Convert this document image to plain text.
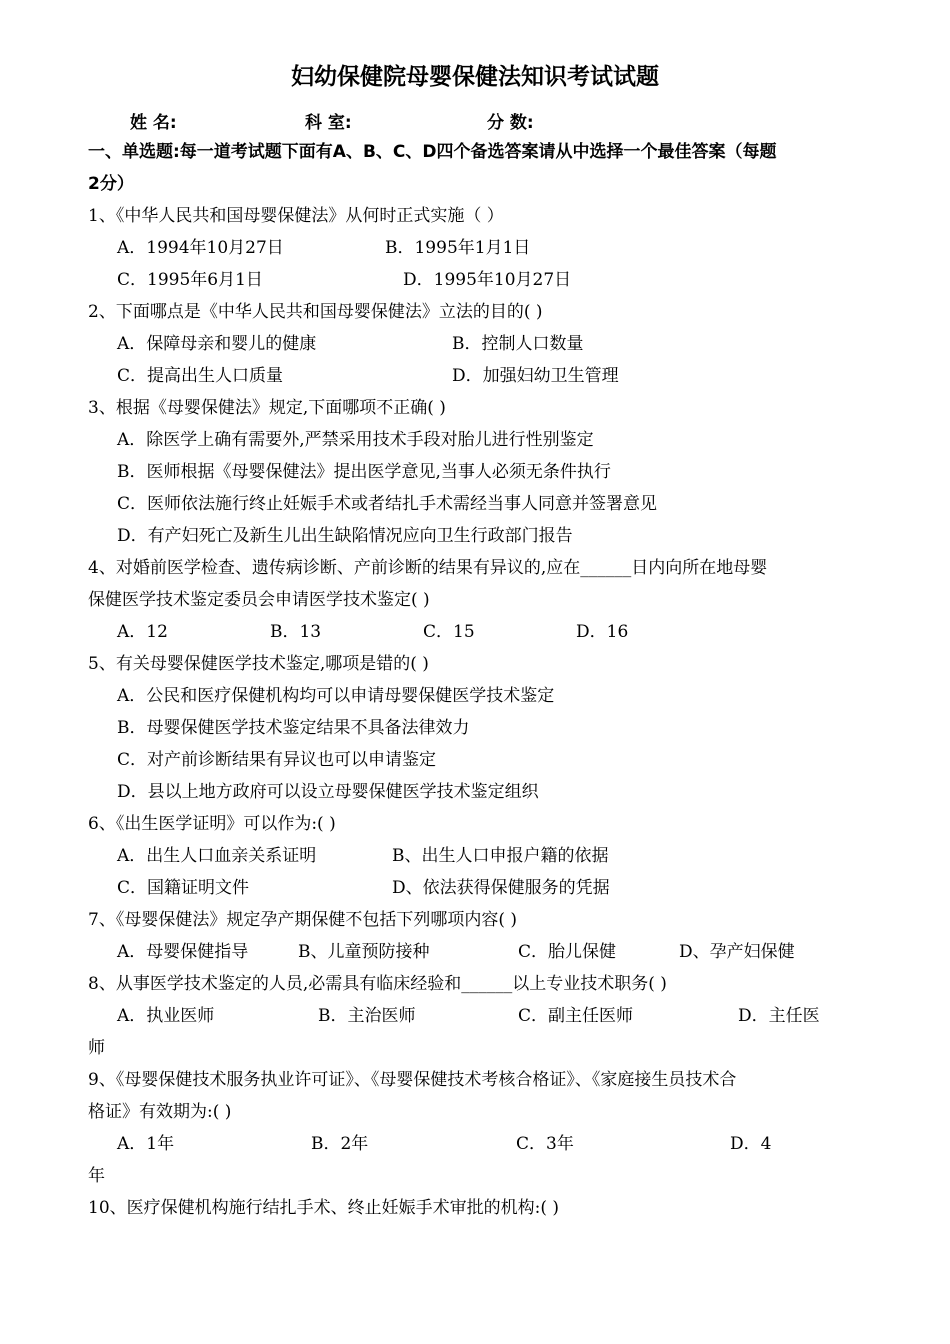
妇幼保健院母婴保健法知识考试试题
姓 名:	科 室:	分 数:
一、单选题:每一道考试题下面有A、B、C、D四个备选答案请从中选择一个最佳答案（每题
2分）
1、《中华人民共和国母婴保健法》从何时正式实施（ ）
A．1994年10月27日	B．1995年1月1日
C．1995年6月1日	D．1995年10月27日
2、下面哪点是《中华人民共和国母婴保健法》立法的目的( )
A．保障母亲和婴儿的健康	B．控制人口数量
C．提高出生人口质量	D．加强妇幼卫生管理
3、根据《母婴保健法》规定,下面哪项不正确( )
A．除医学上确有需要外,严禁采用技术手段对胎儿进行性别鉴定
B．医师根据《母婴保健法》提出医学意见,当事人必须无条件执行
C．医师依法施行终止妊娠手术或者结扎手术需经当事人同意并签署意见
D．有产妇死亡及新生儿出生缺陷情况应向卫生行政部门报告
4、对婚前医学检查、遗传病诊断、产前诊断的结果有异议的,应在______日内向所在地母婴
保健医学技术鉴定委员会申请医学技术鉴定( )
A．12	B．13	C．15	D．16
5、有关母婴保健医学技术鉴定,哪项是错的( )
A．公民和医疗保健机构均可以申请母婴保健医学技术鉴定
B．母婴保健医学技术鉴定结果不具备法律效力
C．对产前诊断结果有异议也可以申请鉴定
D．县以上地方政府可以设立母婴保健医学技术鉴定组织
6、《出生医学证明》可以作为:( )
A．出生人口血亲关系证明	B、出生人口申报户籍的依据
C．国籍证明文件	D、依法获得保健服务的凭据
7、《母婴保健法》规定孕产期保健不包括下列哪项内容( )
A．母婴保健指导	B、儿童预防接种	C．胎儿保健	D、孕产妇保健
8、从事医学技术鉴定的人员,必需具有临床经验和______以上专业技术职务( )
A．执业医师	B．主治医师	C．副主任医师	D．主任医
师
9、《母婴保健技术服务执业许可证》、《母婴保健技术考核合格证》、《家庭接生员技术合
格证》有效期为:( )
A．1年	B．2年	C．3年	D．4
年
10、医疗保健机构施行结扎手术、终止妊娠手术审批的机构:( )
